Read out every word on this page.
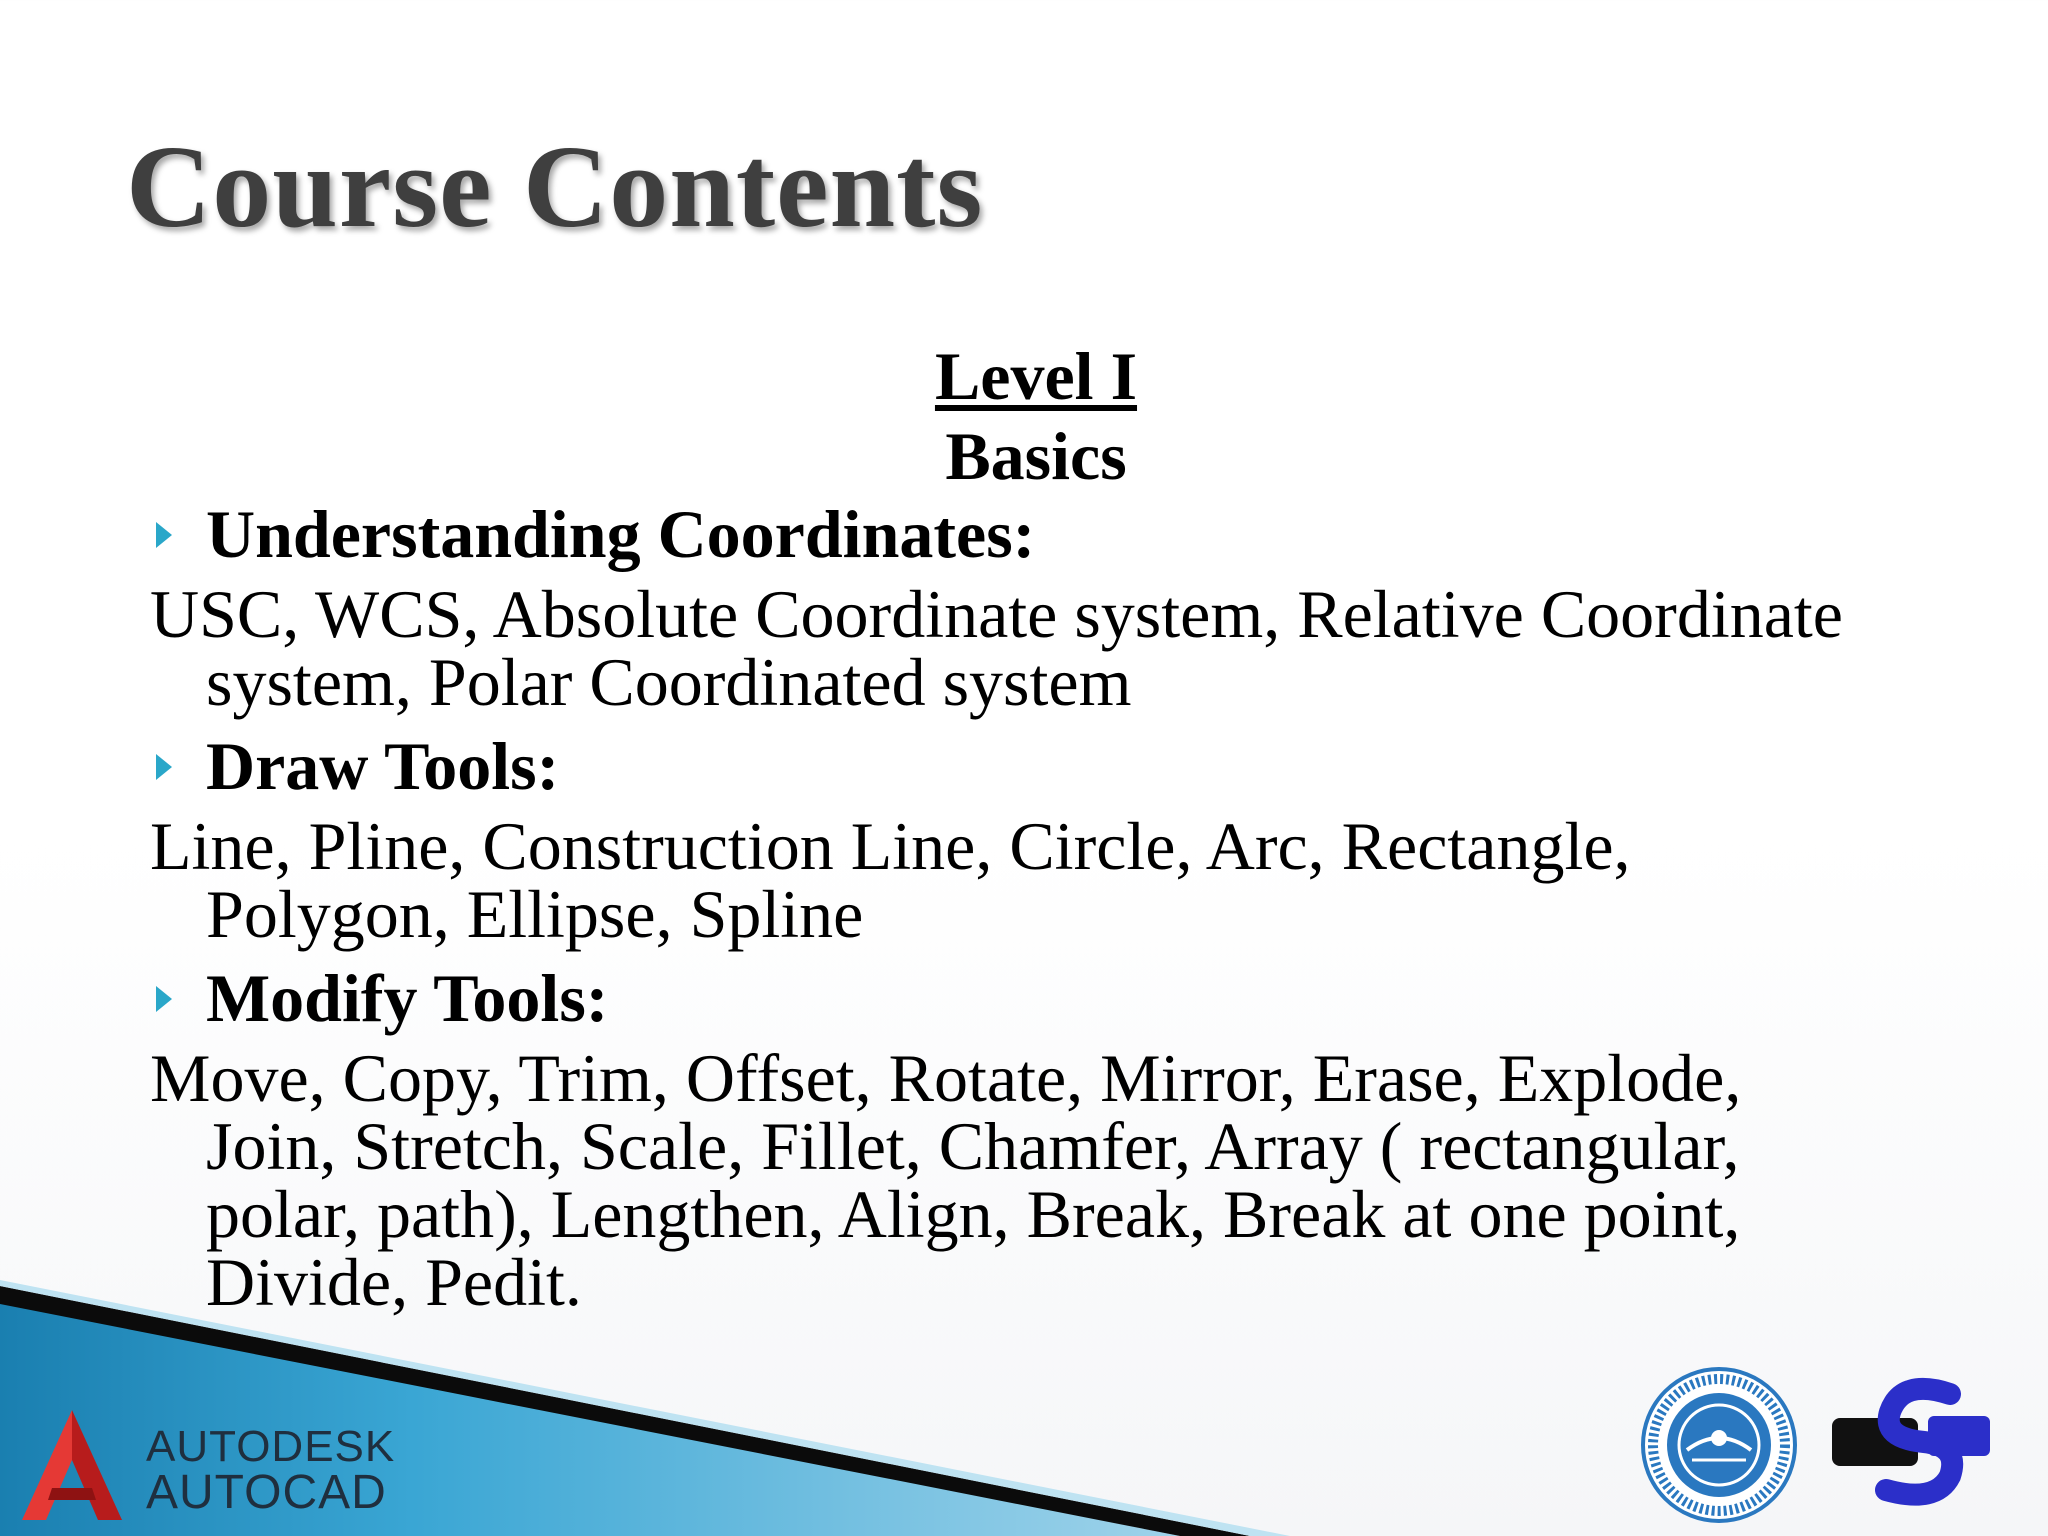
Course Contents
Level I
Basics
Understanding Coordinates:
USC, WCS, Absolute Coordinate system, Relative Coordinate
system, Polar Coordinated system
Draw Tools:
Line, Pline, Construction Line, Circle, Arc, Rectangle,
Polygon, Ellipse, Spline
Modify Tools:
Move, Copy, Trim, Offset, Rotate, Mirror, Erase, Explode,
Join, Stretch, Scale, Fillet, Chamfer, Array ( rectangular,
polar, path), Lengthen, Align, Break, Break at one point,
Divide, Pedit.
AUTODESK
AUTOCAD
